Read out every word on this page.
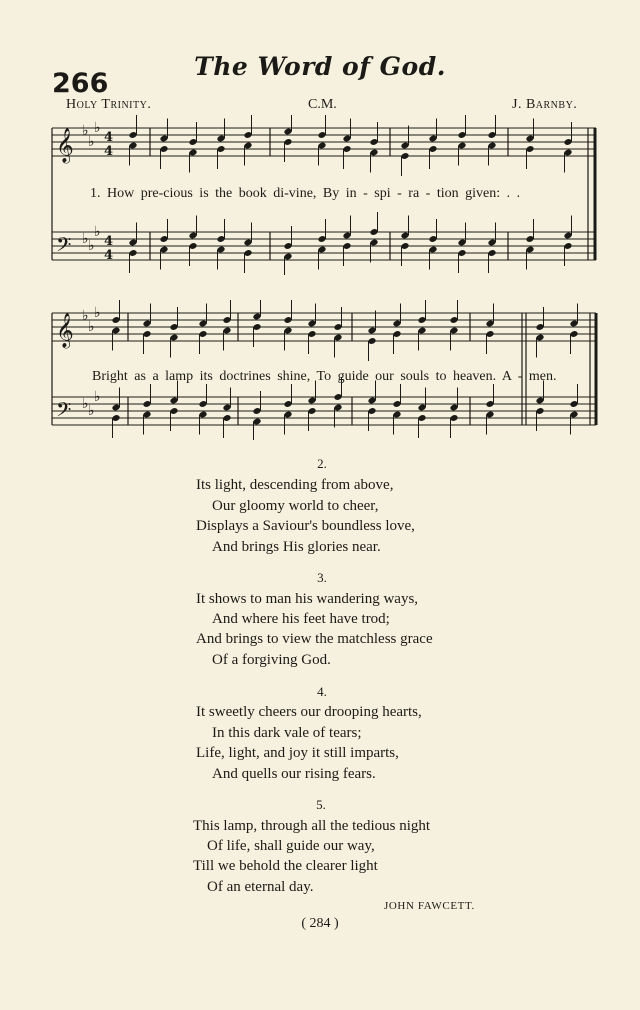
The Word of God.
266
Holy Trinity.	C.M.	J. Barnby.
𝄞
𝄢
♭
♭
♭
♭ ♭
♭
4
4
4
4
1. How pre-cious is the book di-vine, By in - spi - ra - tion given: . .
𝄞
𝄢
♭
♭
♭
♭ ♭
♭
Bright as a lamp its doctrines shine, To guide our souls to heaven. A - men.
2.
Its light, descending from above,
Our gloomy world to cheer,
Displays a Saviour's boundless love,
And brings His glories near.
3.
It shows to man his wandering ways,
And where his feet have trod;
And brings to view the matchless grace
Of a forgiving God.
4.
It sweetly cheers our drooping hearts,
In this dark vale of tears;
Life, light, and joy it still imparts,
And quells our rising fears.
5.
This lamp, through all the tedious night
Of life, shall guide our way,
Till we behold the clearer light
Of an eternal day.
JOHN FAWCETT.
( 284 )
